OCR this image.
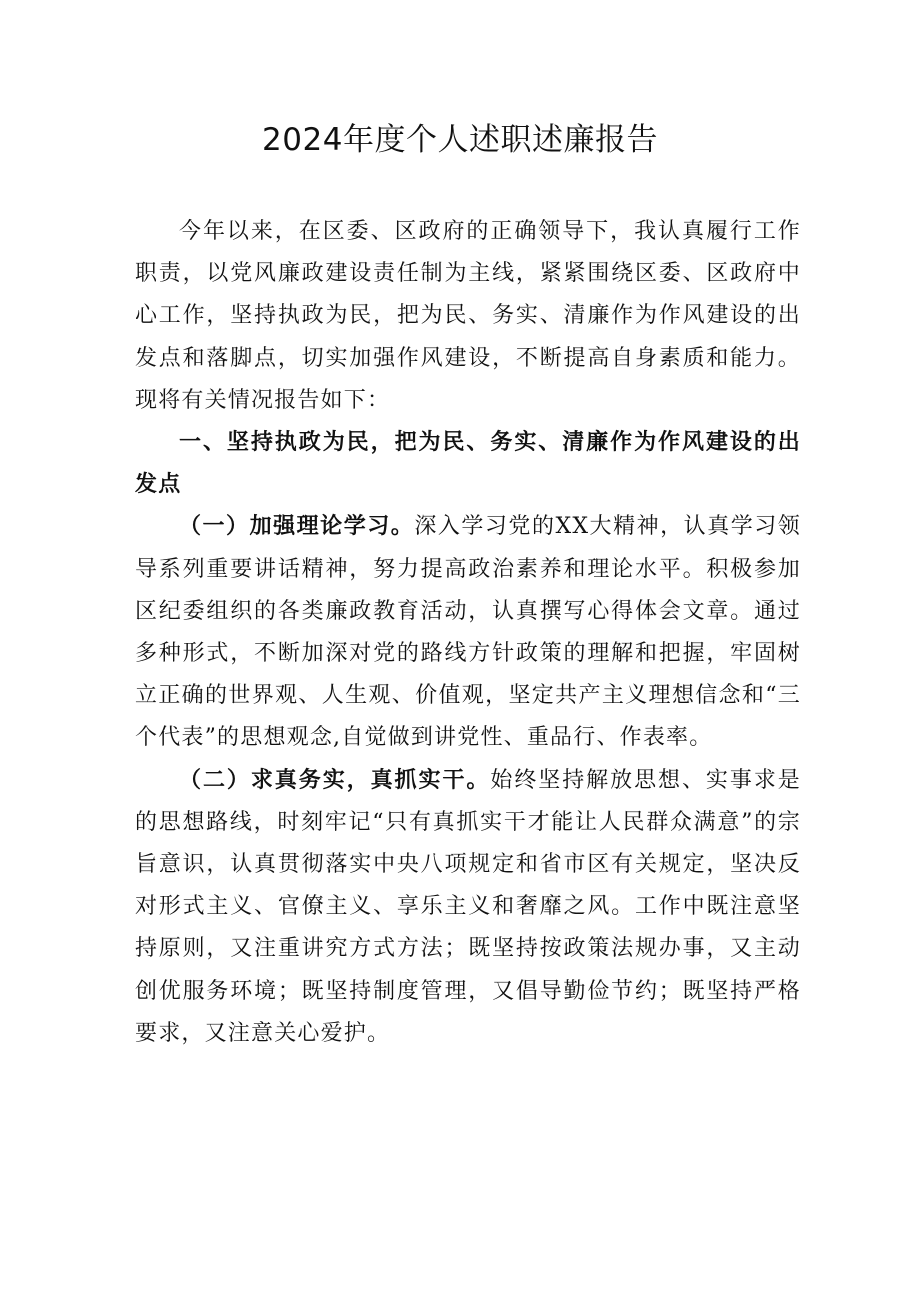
2024年度个人述职述廉报告

今年以来，在区委、区政府的正确领导下，我认真履行工作职责，以党风廉政建设责任制为主线，紧紧围绕区委、区政府中心工作，坚持执政为民，把为民、务实、清廉作为作风建设的出发点和落脚点，切实加强作风建设，不断提高自身素质和能力。现将有关情况报告如下：

一、坚持执政为民，把为民、务实、清廉作为作风建设的出发点

（一）加强理论学习。深入学习党的XX大精神，认真学习领导系列重要讲话精神，努力提高政治素养和理论水平。积极参加区纪委组织的各类廉政教育活动，认真撰写心得体会文章。通过多种形式，不断加深对党的路线方针政策的理解和把握，牢固树立正确的世界观、人生观、价值观，坚定共产主义理想信念和“三个代表”的思想观念,自觉做到讲党性、重品行、作表率。

（二）求真务实，真抓实干。始终坚持解放思想、实事求是的思想路线，时刻牢记“只有真抓实干才能让人民群众满意”的宗旨意识，认真贯彻落实中央八项规定和省市区有关规定，坚决反对形式主义、官僚主义、享乐主义和奢靡之风。工作中既注意坚持原则，又注重讲究方式方法；既坚持按政策法规办事，又主动创优服务环境；既坚持制度管理，又倡导勤俭节约；既坚持严格要求，又注意关心爱护。
